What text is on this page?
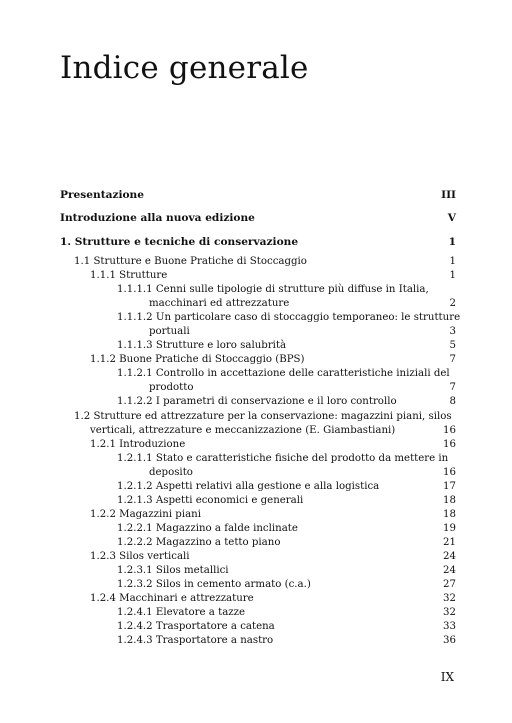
Indice generale
Presentazione	III
Introduzione alla nuova edizione	V
1. Strutture e tecniche di conservazione	1
1.1 Strutture e Buone Pratiche di Stoccaggio	1
1.1.1 Strutture	1
1.1.1.1 Cenni sulle tipologie di strutture più diffuse in Italia,
macchinari ed attrezzature	2
1.1.1.2 Un particolare caso di stoccaggio temporaneo: le strutture
portuali	3
1.1.1.3 Strutture e loro salubrità	5
1.1.2 Buone Pratiche di Stoccaggio (BPS)	7
1.1.2.1 Controllo in accettazione delle caratteristiche iniziali del
prodotto	7
1.1.2.2 I parametri di conservazione e il loro controllo	8
1.2 Strutture ed attrezzature per la conservazione: magazzini piani, silos
verticali, attrezzature e meccanizzazione (E. Giambastiani)	16
1.2.1 Introduzione	16
1.2.1.1 Stato e caratteristiche fisiche del prodotto da mettere in
deposito	16
1.2.1.2 Aspetti relativi alla gestione e alla logistica	17
1.2.1.3 Aspetti economici e generali	18
1.2.2 Magazzini piani	18
1.2.2.1 Magazzino a falde inclinate	19
1.2.2.2 Magazzino a tetto piano	21
1.2.3 Silos verticali	24
1.2.3.1 Silos metallici	24
1.2.3.2 Silos in cemento armato (c.a.)	27
1.2.4 Macchinari e attrezzature	32
1.2.4.1 Elevatore a tazze	32
1.2.4.2 Trasportatore a catena	33
1.2.4.3 Trasportatore a nastro	36
IX
